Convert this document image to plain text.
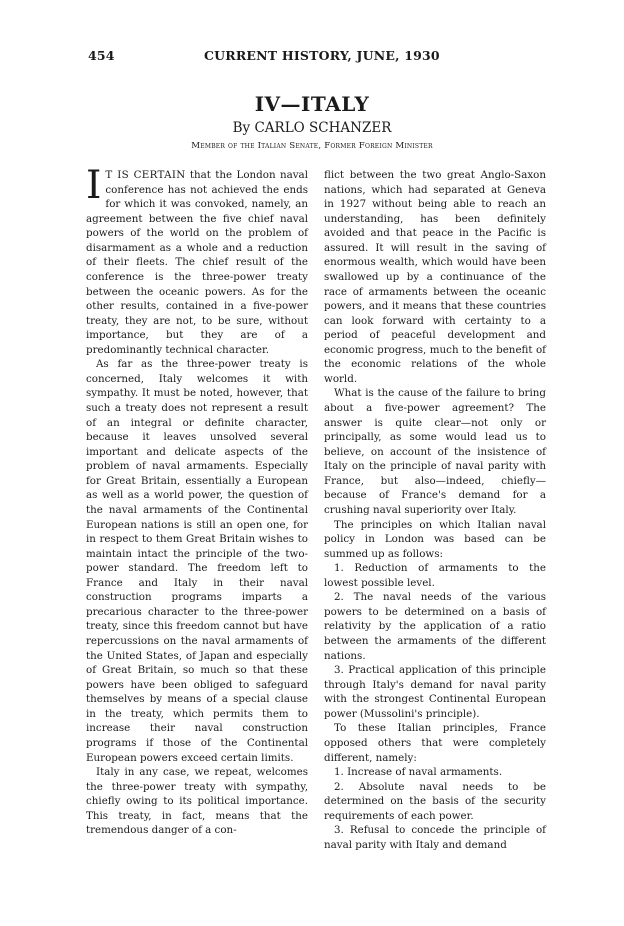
454	CURRENT HISTORY, JUNE, 1930
IV—ITALY
By CARLO SCHANZER
Member of the Italian Senate, Former Foreign Minister

I T IS CERTAIN that the London naval conference has not achieved the ends for which it was convoked, namely, an agreement between the five chief naval powers of the world on the problem of disarmament as a whole and a reduction of their fleets. The chief result of the conference is the three-power treaty between the oceanic powers. As for the other results, contained in a five-power treaty, they are not, to be sure, without importance, but they are of a predominantly technical character.

As far as the three-power treaty is concerned, Italy welcomes it with sympathy. It must be noted, however, that such a treaty does not represent a result of an integral or definite character, because it leaves unsolved several important and delicate aspects of the problem of naval armaments. Especially for Great Britain, essentially a European as well as a world power, the question of the naval armaments of the Continental European nations is still an open one, for in respect to them Great Britain wishes to maintain intact the principle of the two-power standard. The freedom left to France and Italy in their naval construction programs imparts a precarious character to the three-power treaty, since this freedom cannot but have repercussions on the naval armaments of the United States, of Japan and especially of Great Britain, so much so that these powers have been obliged to safeguard themselves by means of a special clause in the treaty, which permits them to increase their naval construction programs if those of the Continental European powers exceed certain limits.

Italy in any case, we repeat, welcomes the three-power treaty with sympathy, chiefly owing to its political importance. This treaty, in fact, means that the tremendous danger of a con-

flict between the two great Anglo-Saxon nations, which had separated at Geneva in 1927 without being able to reach an understanding, has been definitely avoided and that peace in the Pacific is assured. It will result in the saving of enormous wealth, which would have been swallowed up by a continuance of the race of armaments between the oceanic powers, and it means that these countries can look forward with certainty to a period of peaceful development and economic progress, much to the benefit of the economic relations of the whole world.

What is the cause of the failure to bring about a five-power agreement? The answer is quite clear—not only or principally, as some would lead us to believe, on account of the insistence of Italy on the principle of naval parity with France, but also—indeed, chiefly—because of France's demand for a crushing naval superiority over Italy.

The principles on which Italian naval policy in London was based can be summed up as follows:

1. Reduction of armaments to the lowest possible level.

2. The naval needs of the various powers to be determined on a basis of relativity by the application of a ratio between the armaments of the different nations.

3. Practical application of this principle through Italy's demand for naval parity with the strongest Continental European power (Mussolini's principle).

To these Italian principles, France opposed others that were completely different, namely:

1. Increase of naval armaments.

2. Absolute naval needs to be determined on the basis of the security requirements of each power.

3. Refusal to concede the principle of naval parity with Italy and demand
